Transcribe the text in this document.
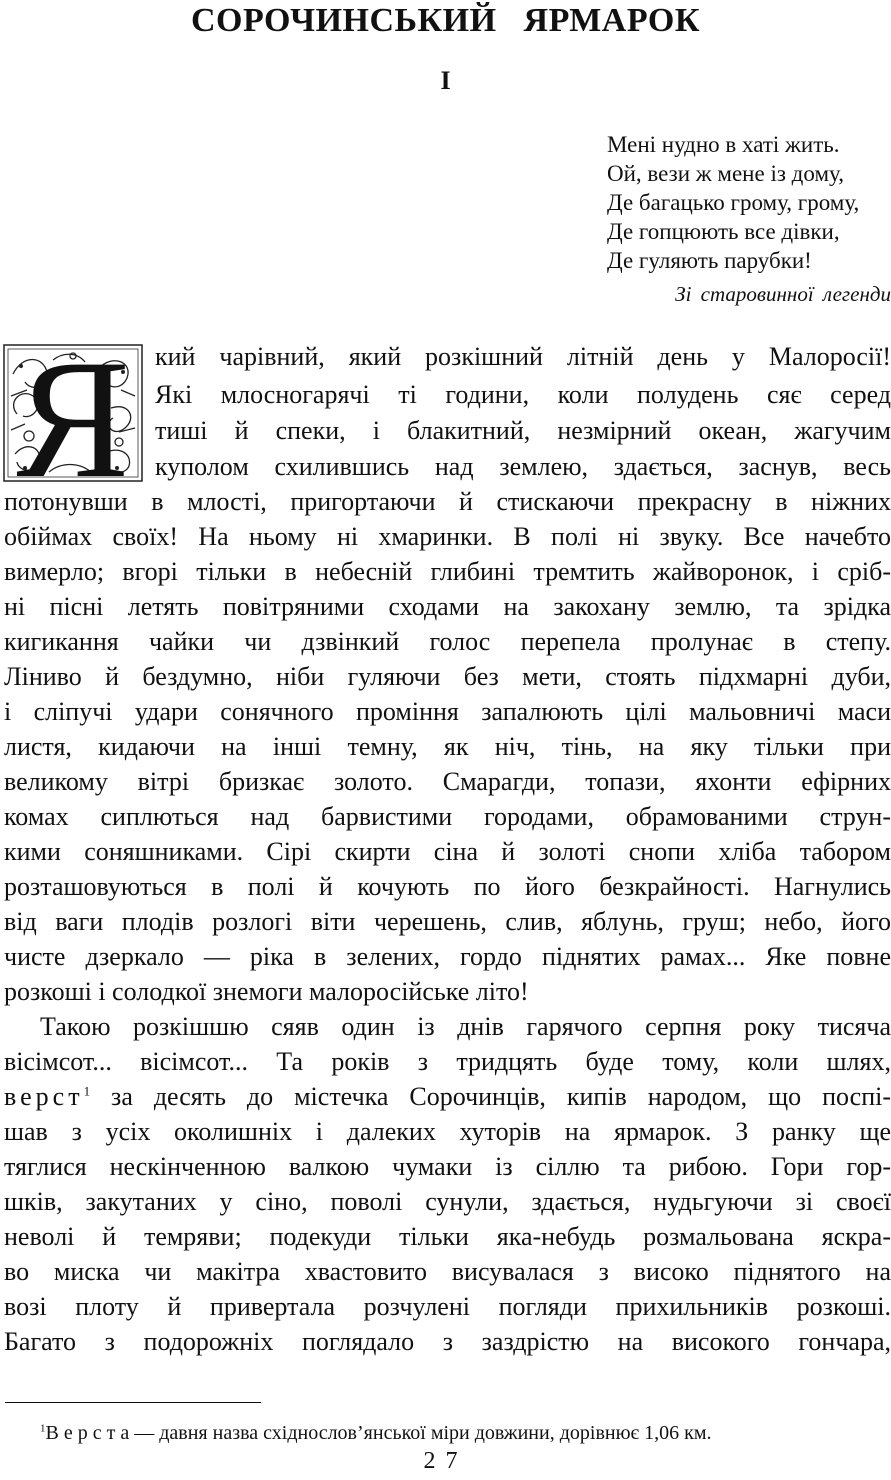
СОРОЧИНСЬКИЙ ЯРМАРОК
I
Мені нудно в хаті жить.
Ой, вези ж мене із дому,
Де багацько грому, грому,
Де гопцюють все дівки,
Де гуляють парубки!
Зі старовинної легенди
Я кий чарівний, який розкішний літній день у Малоросії!
Які млосногарячі ті години, коли полудень сяє серед
тиші й спеки, і блакитний, незмірний океан, жагучим
куполом схилившись над землею, здається, заснув, весь
потонувши в млості, пригортаючи й стискаючи прекрасну в ніжних
обіймах своїх! На ньому ні хмаринки. В полі ні звуку. Все начебто
вимерло; вгорі тільки в небесній глибині тремтить жайворонок, і сріб-
ні пісні летять повітряними сходами на закохану землю, та зрідка
кигикання чайки чи дзвінкий голос перепела пролунає в степу.
Ліниво й бездумно, ніби гуляючи без мети, стоять підхмарні дуби,
і сліпучі удари сонячного проміння запалюють цілі мальовничі маси
листя, кидаючи на інші темну, як ніч, тінь, на яку тільки при
великому вітрі бризкає золото. Смарагди, топази, яхонти ефірних
комах сиплються над барвистими городами, обрамованими струн-
кими соняшниками. Сірі скирти сіна й золоті снопи хліба табором
розташовуються в полі й кочують по його безкрайності. Нагнулись
від ваги плодів розлогі віти черешень, слив, яблунь, груш; небо, його
чисте дзеркало — ріка в зелених, гордо піднятих рамах... Яке повне
розкоші і солодкої знемоги малоросійське літо!
Такою розкішшю сяяв один із днів гарячого серпня року тисяча
вісімсот... вісімсот... Та років з тридцять буде тому, коли шлях,
верст$^1$ за десять до містечка Сорочинців, кипів народом, що поспі-
шав з усіх околишніх і далеких хуторів на ярмарок. З ранку ще
тяглися нескінченною валкою чумаки із сіллю та рибою. Гори гор-
шків, закутаних у сіно, поволі сунули, здається, нудьгуючи зі своєї
неволі й темряви; подекуди тільки яка-небудь розмальована яскра-
во миска чи макітра хвастовито висувалася з високо піднятого на
возі плоту й привертала розчулені погляди прихильників розкоші.
Багато з подорожніх поглядало з заздрістю на високого гончара,
$^1$В е р с т а — давня назва східнослов’янської міри довжини, дорівнює 1,06 км.
27
